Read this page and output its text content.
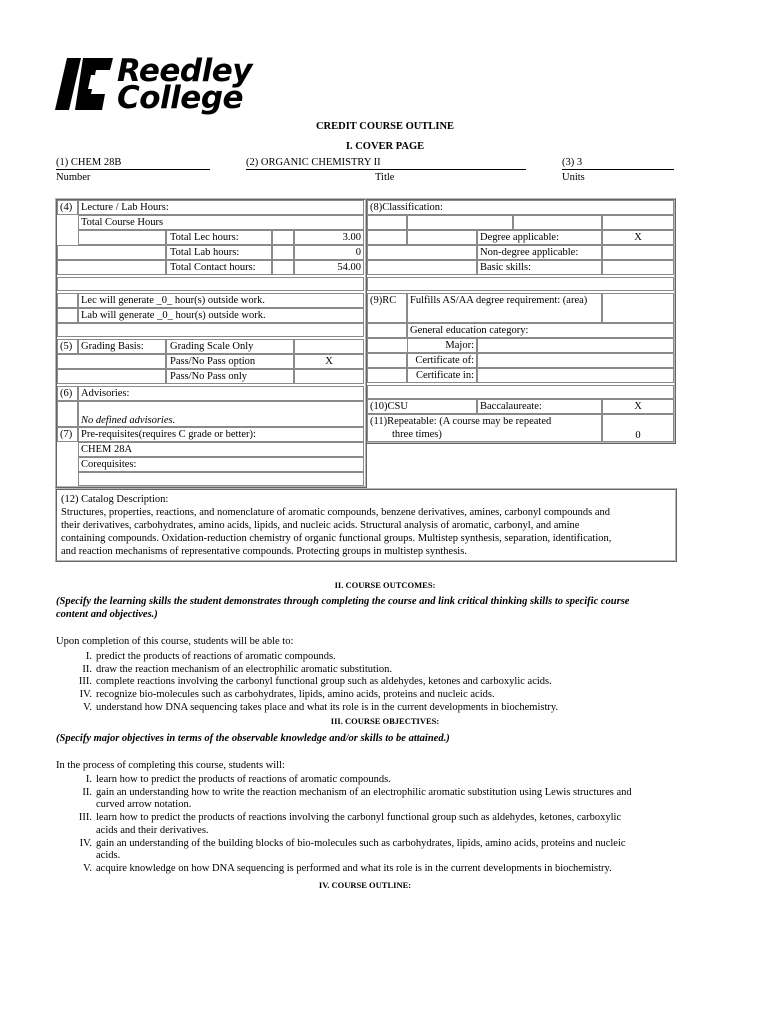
Reedley
College
CREDIT COURSE OUTLINE
I. COVER PAGE
(1) CHEM 28B
Number
(2) ORGANIC CHEMISTRY II
Title
(3) 3
Units
(4) Lecture / Lab Hours:
Total Course Hours
Total Lec hours:	3.00
Total Lab hours:	0
Total Contact hours:	54.00
Lec will generate _0_ hour(s) outside work.
Lab will generate _0_ hour(s) outside work.
(5) Grading Basis:	Grading Scale Only
Pass/No Pass option	X
Pass/No Pass only
(6) Advisories:
No defined advisories.
(7) Pre-requisites(requires C grade or better):
CHEM 28A
Corequisites:
(8)Classification:
Degree applicable:	X
Non-degree applicable:
Basic skills:
(9)RC	Fulfills AS/AA degree requirement: (area)
General education category:
Major:
Certificate of:
Certificate in:
(10)CSU	Baccalaureate:	X
(11)Repeatable: (A course may be repeated
three times)	0
(12) Catalog Description:
Structures, properties, reactions, and nomenclature of aromatic compounds, benzene derivatives, amines, carbonyl compounds and
their derivatives, carbohydrates, amino acids, lipids, and nucleic acids. Structural analysis of aromatic, carbonyl, and amine
containing compounds. Oxidation-reduction chemistry of organic functional groups. Multistep synthesis, separation, identification,
and reaction mechanisms of representative compounds. Protecting groups in multistep synthesis.
II. COURSE OUTCOMES:
(Specify the learning skills the student demonstrates through completing the course and link critical thinking skills to specific course
content and objectives.)
Upon completion of this course, students will be able to:
I. predict the products of reactions of aromatic compounds.
II. draw the reaction mechanism of an electrophilic aromatic substitution.
III. complete reactions involving the carbonyl functional group such as aldehydes, ketones and carboxylic acids.
IV. recognize bio-molecules such as carbohydrates, lipids, amino acids, proteins and nucleic acids.
V. understand how DNA sequencing takes place and what its role is in the current developments in biochemistry.
III. COURSE OBJECTIVES:
(Specify major objectives in terms of the observable knowledge and/or skills to be attained.)
In the process of completing this course, students will:
I. learn how to predict the products of reactions of aromatic compounds.
II. gain an understanding how to write the reaction mechanism of an electrophilic aromatic substitution using Lewis structures and
curved arrow notation.
III. learn how to predict the products of reactions involving the carbonyl functional group such as aldehydes, ketones, carboxylic
acids and their derivatives.
IV. gain an understanding of the building blocks of bio-molecules such as carbohydrates, lipids, amino acids, proteins and nucleic
acids.
V. acquire knowledge on how DNA sequencing is performed and what its role is in the current developments in biochemistry.
IV. COURSE OUTLINE:
